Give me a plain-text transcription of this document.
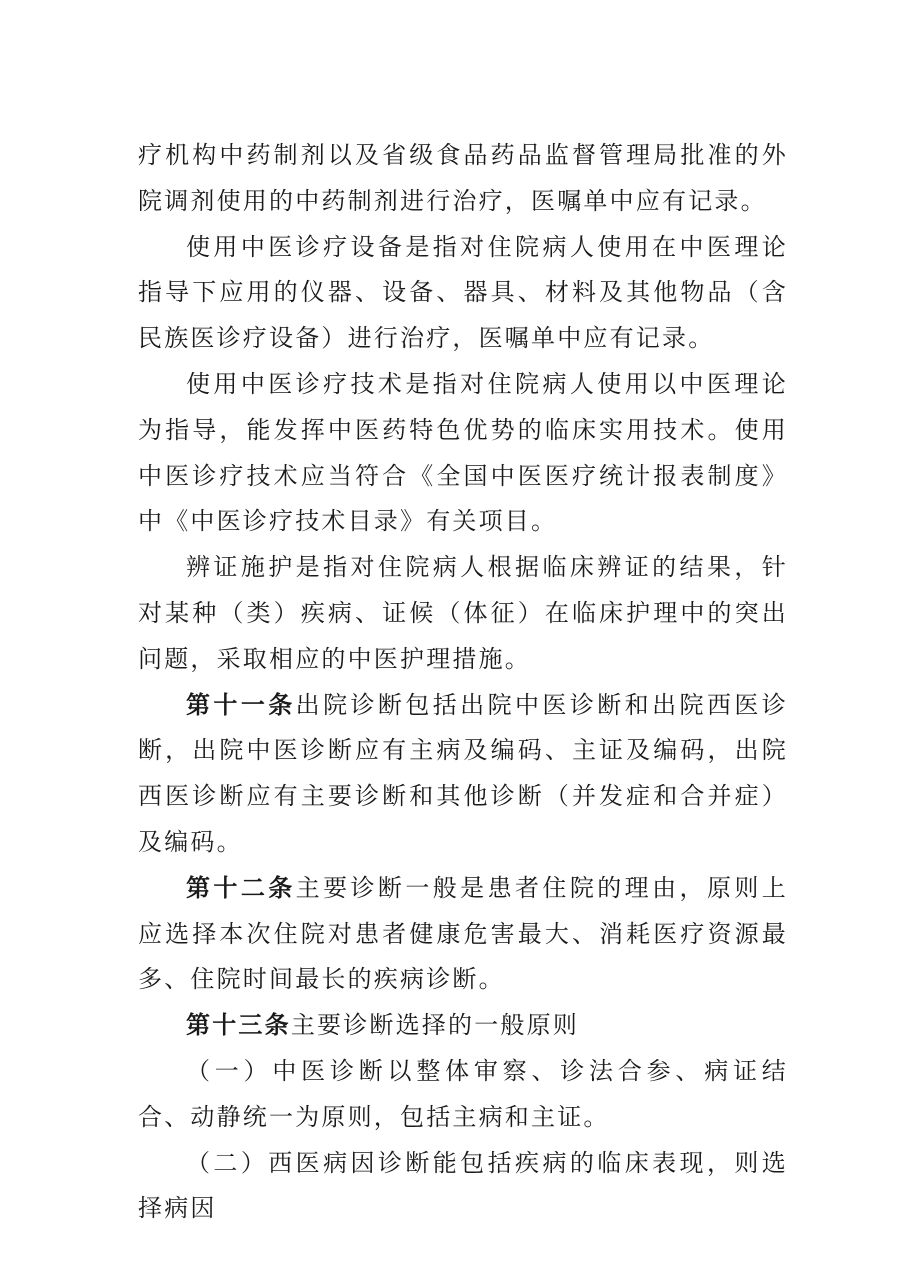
疗机构中药制剂以及省级食品药品监督管理局批准的外院调剂使用的中药制剂进行治疗，医嘱单中应有记录。

使用中医诊疗设备是指对住院病人使用在中医理论指导下应用的仪器、设备、器具、材料及其他物品（含民族医诊疗设备）进行治疗，医嘱单中应有记录。

使用中医诊疗技术是指对住院病人使用以中医理论为指导，能发挥中医药特色优势的临床实用技术。使用中医诊疗技术应当符合《全国中医医疗统计报表制度》中《中医诊疗技术目录》有关项目。

辨证施护是指对住院病人根据临床辨证的结果，针对某种（类）疾病、证候（体征）在临床护理中的突出问题，采取相应的中医护理措施。

第十一条出院诊断包括出院中医诊断和出院西医诊断，出院中医诊断应有主病及编码、主证及编码，出院西医诊断应有主要诊断和其他诊断（并发症和合并症）及编码。

第十二条主要诊断一般是患者住院的理由，原则上应选择本次住院对患者健康危害最大、消耗医疗资源最多、住院时间最长的疾病诊断。

第十三条主要诊断选择的一般原则

（一）中医诊断以整体审察、诊法合参、病证结合、动静统一为原则，包括主病和主证。

（二）西医病因诊断能包括疾病的临床表现，则选择病因
